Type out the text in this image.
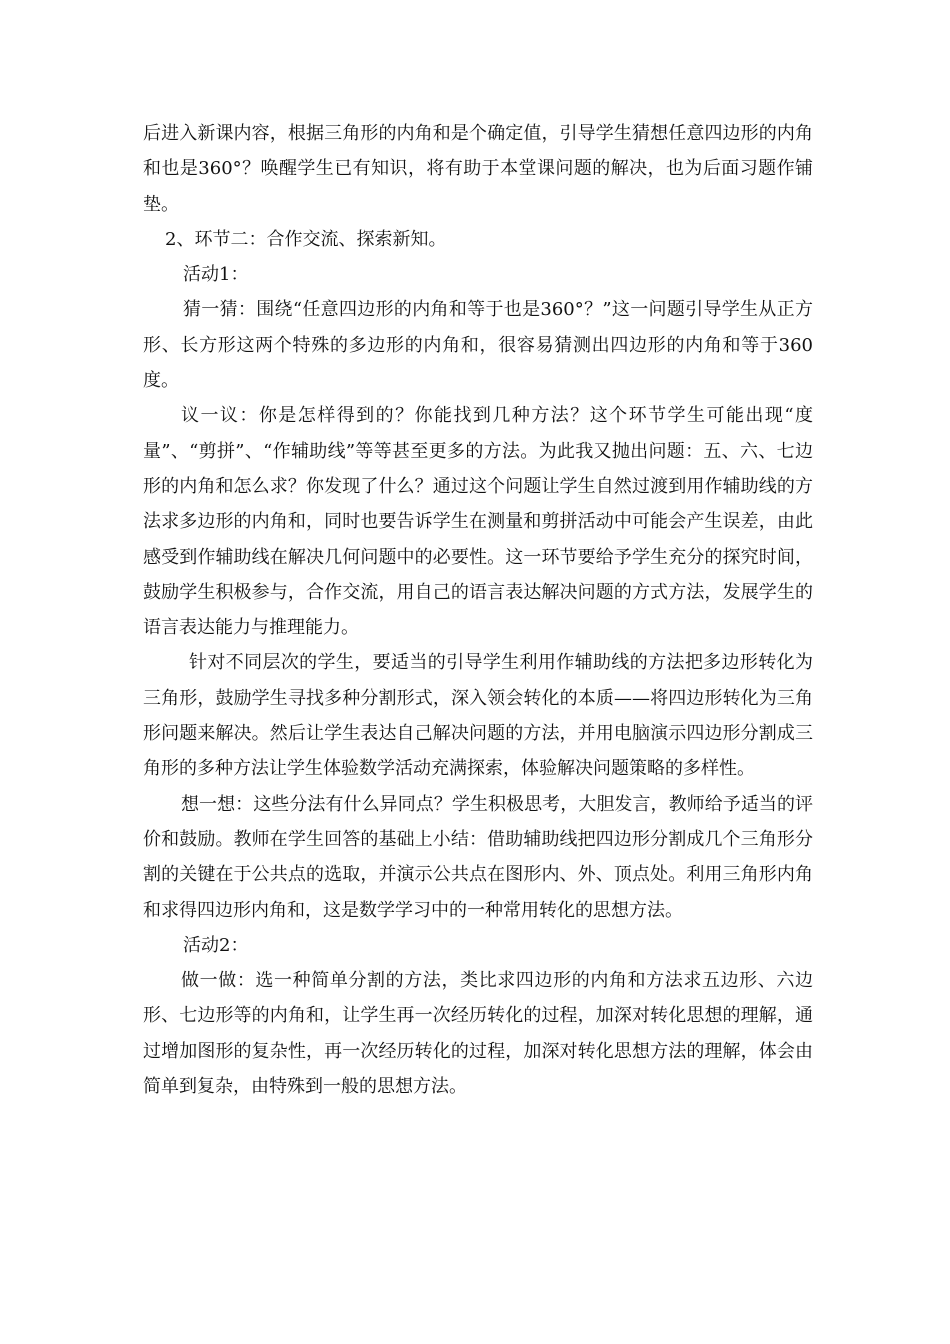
后进入新课内容，根据三角形的内角和是个确定值，引导学生猜想任意四边形的内角和也是360°？唤醒学生已有知识，将有助于本堂课问题的解决，也为后面习题作铺垫。

2、环节二：合作交流、探索新知。

活动1：

猜一猜：围绕“任意四边形的内角和等于也是360°？”这一问题引导学生从正方形、长方形这两个特殊的多边形的内角和，很容易猜测出四边形的内角和等于360度。

议一议：你是怎样得到的？你能找到几种方法？这个环节学生可能出现“度量”、“剪拼”、“作辅助线”等等甚至更多的方法。为此我又抛出问题：五、六、七边形的内角和怎么求？你发现了什么？通过这个问题让学生自然过渡到用作辅助线的方法求多边形的内角和，同时也要告诉学生在测量和剪拼活动中可能会产生误差，由此感受到作辅助线在解决几何问题中的必要性。这一环节要给予学生充分的探究时间，鼓励学生积极参与，合作交流，用自己的语言表达解决问题的方式方法，发展学生的语言表达能力与推理能力。

针对不同层次的学生，要适当的引导学生利用作辅助线的方法把多边形转化为三角形，鼓励学生寻找多种分割形式，深入领会转化的本质——将四边形转化为三角形问题来解决。然后让学生表达自己解决问题的方法，并用电脑演示四边形分割成三角形的多种方法让学生体验数学活动充满探索，体验解决问题策略的多样性。

想一想：这些分法有什么异同点？学生积极思考，大胆发言，教师给予适当的评价和鼓励。教师在学生回答的基础上小结：借助辅助线把四边形分割成几个三角形分割的关键在于公共点的选取，并演示公共点在图形内、外、顶点处。利用三角形内角和求得四边形内角和，这是数学学习中的一种常用转化的思想方法。

活动2：

做一做：选一种简单分割的方法，类比求四边形的内角和方法求五边形、六边形、七边形等的内角和，让学生再一次经历转化的过程，加深对转化思想的理解，通过增加图形的复杂性，再一次经历转化的过程，加深对转化思想方法的理解，体会由简单到复杂，由特殊到一般的思想方法。
